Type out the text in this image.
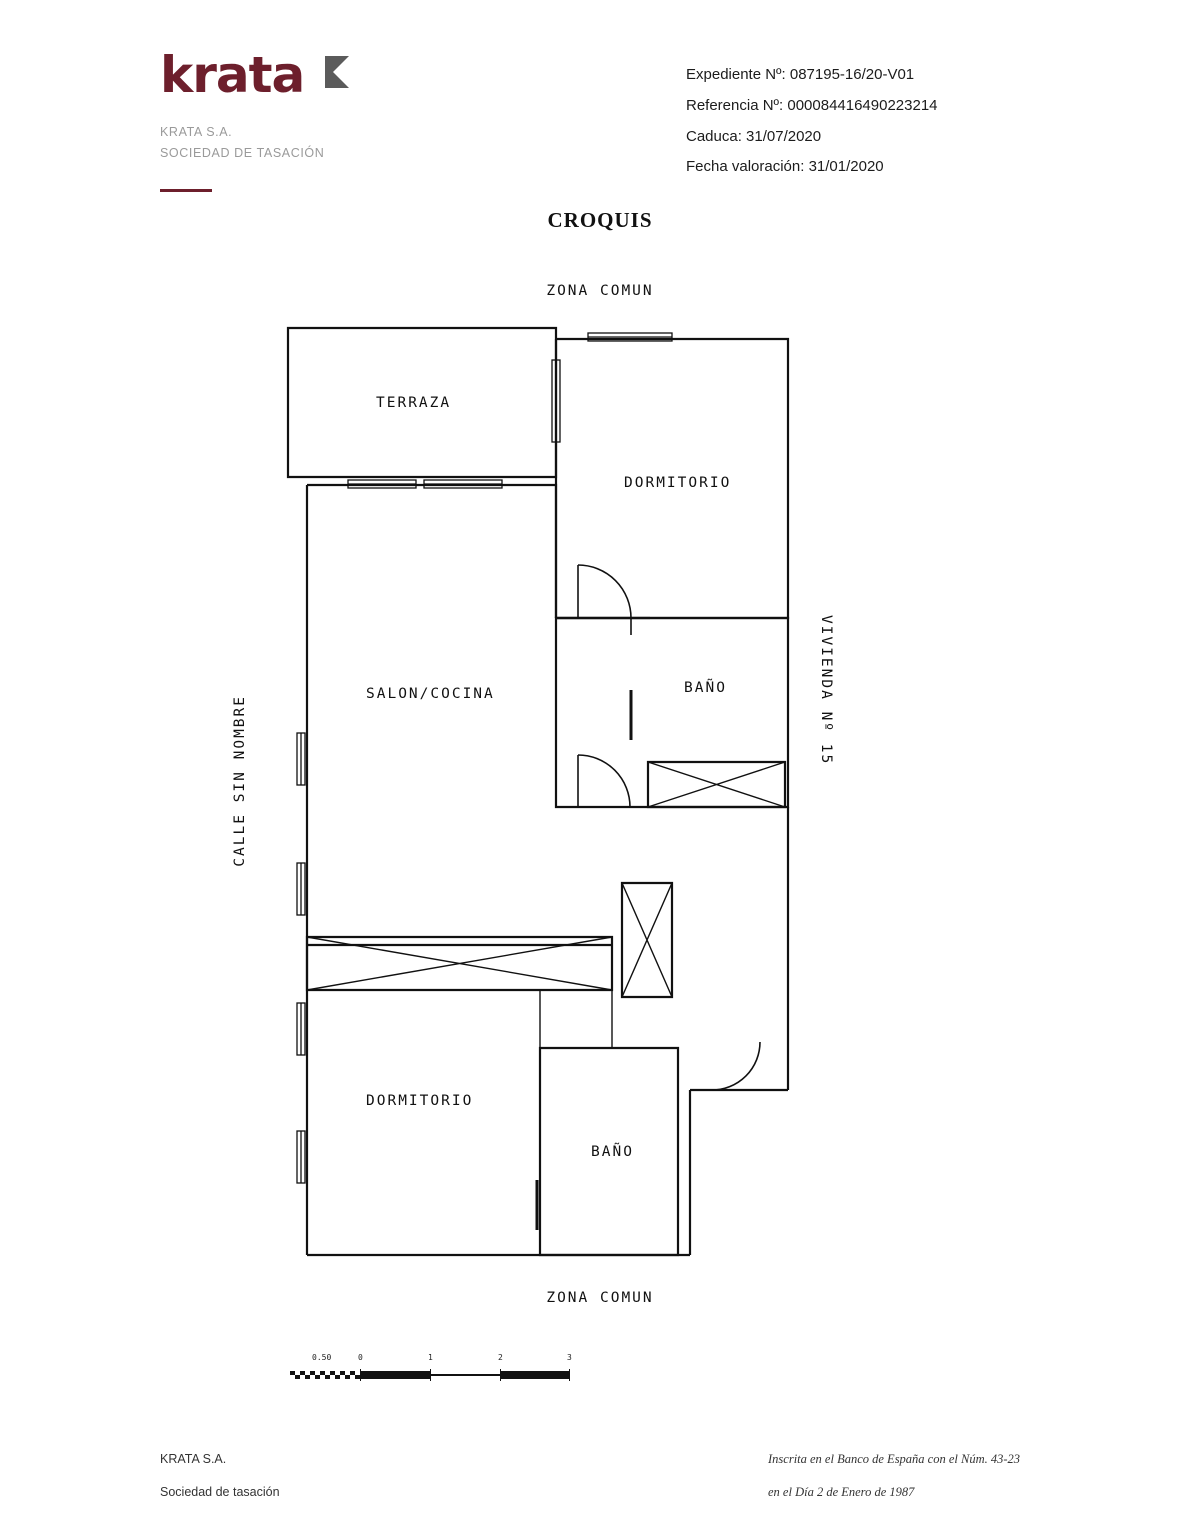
krata
KRATA S.A.
SOCIEDAD DE TASACIÓN
Expediente Nº: 087195-16/20-V01
Referencia Nº: 000084416490223214
Caduca: 31/07/2020
Fecha valoración: 31/01/2020
CROQUIS
ZONA COMUN
TERRAZA
DORMITORIO
SALON/COCINA	BAÑO
DORMITORIO
BAÑO
CALLE SIN NOMBRE
VIVIENDA Nº 15
ZONA COMUN
0.50	0	1	2	3
KRATA S.A.
Sociedad de tasación
Inscrita en el Banco de España con el Núm. 43-23
en el Día 2 de Enero de 1987
